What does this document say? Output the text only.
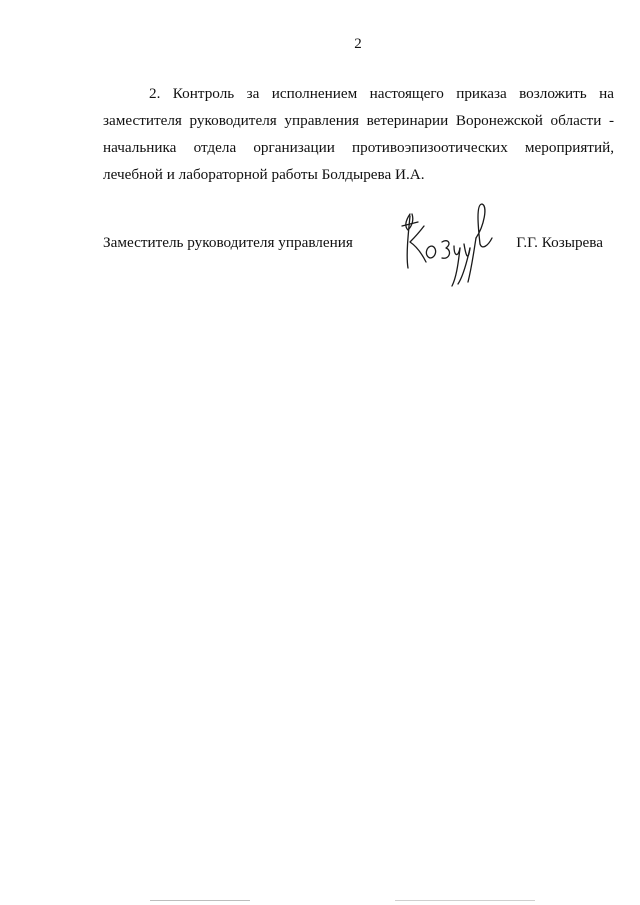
2

2. Контроль за исполнением настоящего приказа возложить на заместителя руководителя управления ветеринарии Воронежской области - начальника отдела организации противоэпизоотических мероприятий, лечебной и лабораторной работы Болдырева И.А.

Заместитель руководителя управления	Г.Г. Козырева
